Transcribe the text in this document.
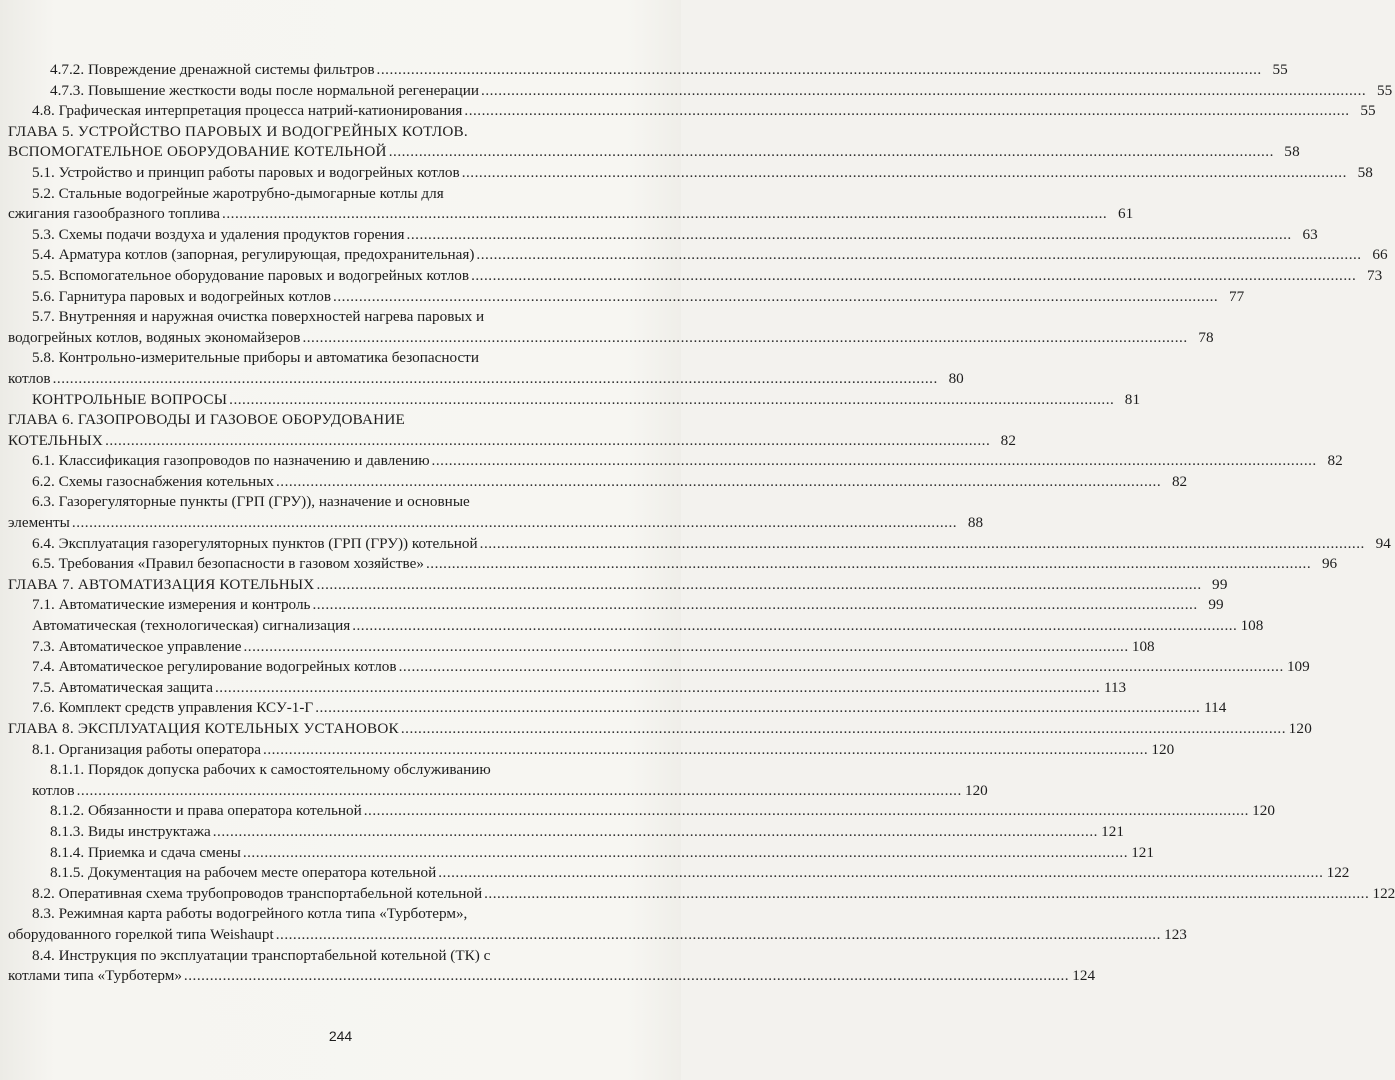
4.7.2. Повреждение дренажной системы фильтров .....	55
4.7.3. Повышение жесткости воды после нормальной регенерации .....	55
4.8. Графическая интерпретация процесса натрий-катионирования .....	55
ГЛАВА 5. УСТРОЙСТВО ПАРОВЫХ И ВОДОГРЕЙНЫХ КОТЛОВ.
ВСПОМОГАТЕЛЬНОЕ ОБОРУДОВАНИЕ КОТЕЛЬНОЙ .....	58
5.1. Устройство и принцип работы паровых и водогрейных котлов .....	58
5.2. Стальные водогрейные жаротрубно-дымогарные котлы для
сжигания газообразного топлива .....	61
5.3. Схемы подачи воздуха и удаления продуктов горения .....	63
5.4. Арматура котлов (запорная, регулирующая, предохранительная) .....	66
5.5. Вспомогательное оборудование паровых и водогрейных котлов .....	73
5.6. Гарнитура паровых и водогрейных котлов .....	77
5.7. Внутренняя и наружная очистка поверхностей нагрева паровых и
водогрейных котлов, водяных экономайзеров .....	78
5.8. Контрольно-измерительные приборы и автоматика безопасности
котлов .....	80
КОНТРОЛЬНЫЕ ВОПРОСЫ .....	81
ГЛАВА 6. ГАЗОПРОВОДЫ И ГАЗОВОЕ ОБОРУДОВАНИЕ
КОТЕЛЬНЫХ .....	82
6.1. Классификация газопроводов по назначению и давлению .....	82
6.2. Схемы газоснабжения котельных .....	82
6.3. Газорегуляторные пункты (ГРП (ГРУ)), назначение и основные
элементы .....	88
6.4. Эксплуатация газорегуляторных пунктов (ГРП (ГРУ)) котельной .....	94
6.5. Требования «Правил безопасности в газовом хозяйстве» .....	96
ГЛАВА 7. АВТОМАТИЗАЦИЯ КОТЕЛЬНЫХ .....	99
7.1. Автоматические измерения и контроль .....	99
Автоматическая (технологическая) сигнализация .....	108
7.3. Автоматическое управление .....	108
7.4. Автоматическое регулирование водогрейных котлов .....	109
7.5. Автоматическая защита .....	113
7.6. Комплект средств управления КСУ-1-Г .....	114
ГЛАВА 8. ЭКСПЛУАТАЦИЯ КОТЕЛЬНЫХ УСТАНОВОК .....	120
8.1. Организация работы оператора .....	120
8.1.1. Порядок допуска рабочих к самостоятельному обслуживанию
котлов .....	120
8.1.2. Обязанности и права оператора котельной .....	120
8.1.3. Виды инструктажа .....	121
8.1.4. Приемка и сдача смены .....	121
8.1.5. Документация на рабочем месте оператора котельной .....	122
8.2. Оперативная схема трубопроводов транспортабельной котельной .....	122
8.3. Режимная карта работы водогрейного котла типа «Турботерм»,
оборудованного горелкой типа Weishaupt .....	123
8.4. Инструкция по эксплуатации транспортабельной котельной (ТК) с
котлами типа «Турботерм» .....	124
244
